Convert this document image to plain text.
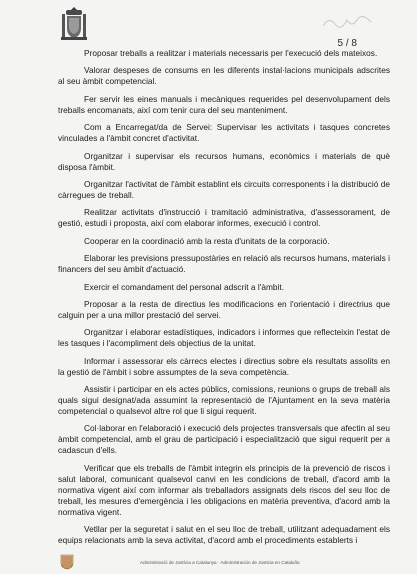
5 / 8

Proposar treballs a realitzar i materials necessaris per l'execució dels mateixos.

Valorar despeses de consums en les diferents instal·lacions municipals adscrites al seu àmbit competencial.

Fer servir les eines manuals i mecàniques requerides pel desenvolupament dels treballs encomanats, així com tenir cura del seu manteniment.

Com a Encarregat/da de Servei: Supervisar les activitats i tasques concretes vinculades a l'àmbit concret d'activitat.

Organitzar i supervisar els recursos humans, econòmics i materials de què disposa l'àmbit.

Organitzar l'activitat de l'àmbit establint els circuits corresponents i la distribució de càrregues de treball.

Realitzar activitats d'instrucció i tramitació administrativa, d'assessorament, de gestió, estudi i proposta, així com elaborar informes, execució i control.

Cooperar en la coordinació amb la resta d'unitats de la corporació.

Elaborar les previsions pressupostàries en relació als recursos humans, materials i financers del seu àmbit d'actuació.

Exercir el comandament del personal adscrit a l'àmbit.

Proposar a la resta de directius les modificacions en l'orientació i directrius que calguin per a una millor prestació del servei.

Organitzar i elaborar estadístiques, indicadors i informes que reflecteixin l'estat de les tasques i l'acompliment dels objectius de la unitat.

Informar i assessorar els càrrecs electes i directius sobre els resultats assolits en la gestió de l'àmbit i sobre assumptes de la seva competència.

Assistir i participar en els actes públics, comissions, reunions o grups de treball als quals sigui designat/ada assumint la representació de l'Ajuntament en la seva matèria competencial o qualsevol altre rol que li sigui requerit.

Col·laborar en l'elaboració i execució dels projectes transversals que afectin al seu àmbit competencial, amb el grau de participació i especialització que sigui requerit per a cadascun d'ells.

Verificar que els treballs de l'àmbit integrin els principis de la prevenció de riscos i salut laboral, comunicant qualsevol canvi en les condicions de treball, d'acord amb la normativa vigent així com informar als treballadors assignats dels riscos del seu lloc de treball, les mesures d'emergència i les obligacions en matèria preventiva, d'acord amb la normativa vigent.

Vetllar per la seguretat i salut en el seu lloc de treball, utilitzant adequadament els equips relacionats amb la seva activitat, d'acord amb el procediments establerts i

Administració de Justícia a Catalunya · Administración de Justicia en Cataluña
